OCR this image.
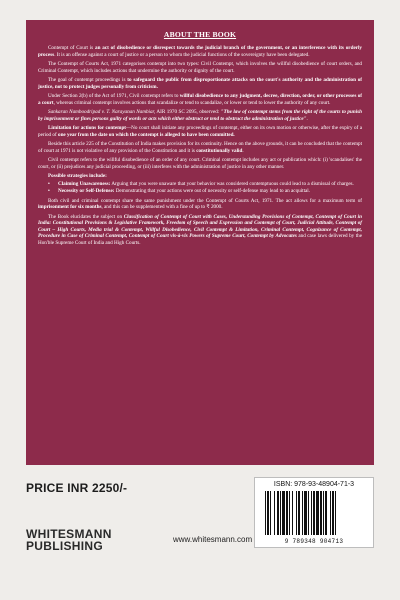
ABOUT THE BOOK

Contempt of Court is an act of disobedience or disrespect towards the judicial branch of the government, or an interference with its orderly process. It is an offense against a court of justice or a person to whom the judicial functions of the sovereignty have been delegated.

The Contempt of Courts Act, 1971 categorises contempt into two types: Civil Contempt, which involves the willful disobedience of court orders, and Criminal Contempt, which includes actions that undermine the authority or dignity of the court.

The goal of contempt proceedings is to safeguard the public from disproportionate attacks on the court's authority and the administration of justice, not to protect judges personally from criticism.

Under Section 2(b) of the Act of 1971, Civil contempt refers to willful disobedience to any judgment, decree, direction, order, or other processes of a court, whereas criminal contempt involves actions that scandalize or tend to scandalize, or lower or tend to lower the authority of any court.

Sankaran Namboodripad v. T. Narayanan Nambiar, AIR 1970 SC 2095, observed: "The law of contempt stems from the right of the courts to punish by imprisonment or fines persons guilty of words or acts which either obstruct or tend to obstruct the administration of justice".

Limitation for actions for contempt—No court shall initiate any proceedings of contempt, either on its own motion or otherwise, after the expiry of a period of one year from the date on which the contempt is alleged to have been committed.

Beside this article 225 of the Constitution of India makes provision for its continuity. Hence on the above grounds, it can be concluded that the contempt of court at 1971 is not violative of any provision of the Constitution and it is constitutionally valid.

Civil contempt refers to the willful disobedience of an order of any court. Criminal contempt includes any act or publication which: (i) 'scandalises' the court, or (ii) prejudices any judicial proceeding, or (iii) interferes with the administration of justice in any other manner.

Possible strategies include:
• Claiming Unawareness: Arguing that you were unaware that your behavior was considered contemptuous could lead to a dismissal of charges.
• Necessity or Self-Defense: Demonstrating that your actions were out of necessity or self-defense may lead to an acquittal.

Both civil and criminal contempt share the same punishment under the Contempt of Courts Act, 1971. The act allows for a maximum term of imprisonment for six months, and this can be supplemented with a fine of up to ₹ 2000.

The Book elucidates the subject on Classification of Contempt of Court with Cases, Understanding Provisions of Contempt, Contempt of Court in India: Constitutional Provisions & Legislative Framework, Freedom of Speech and Expression and Contempt of Court, Judicial Attitude, Contempt of Court – High Courts, Media trial & Contempt, Willful Disobedience, Civil Contempt & Limitation, Criminal Contempt, Cognizance of Contempt, Procedure in Case of Criminal Contempt, Contempt of Court vis-à-vis Powers of Supreme Court, Contempt by Advocates and case laws delivered by the Hon'ble Supreme Court of India and High Courts.

PRICE INR 2250/-	ISBN: 978-93-48904-71-3
9 789348 904713
WHITESMANN
PUBLISHING	www.whitesmann.com
